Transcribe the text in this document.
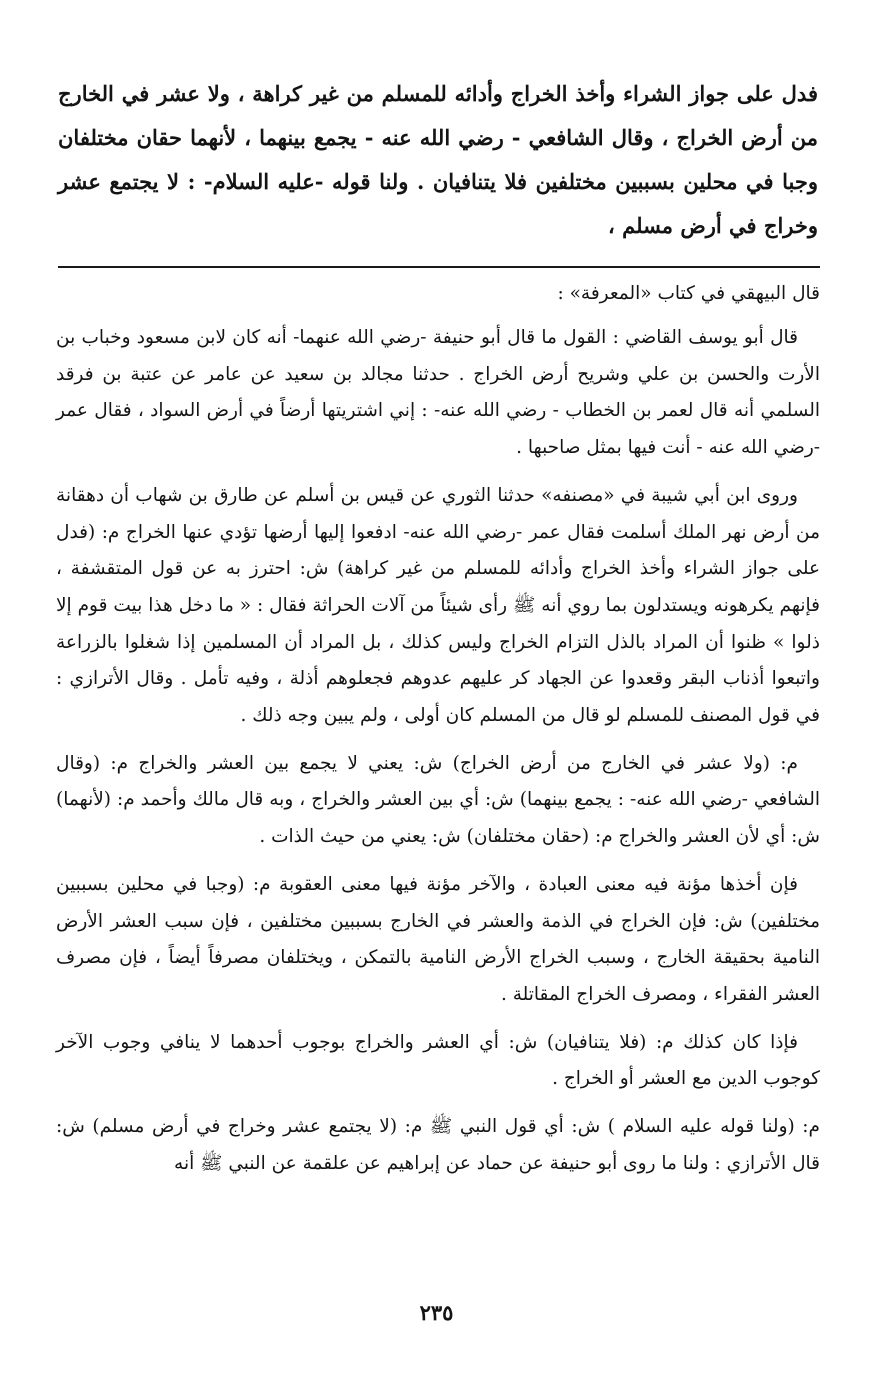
فدل على جواز الشراء وأخذ الخراج وأدائه للمسلم من غير كراهة ، ولا عشر في الخارج من أرض الخراج ، وقال الشافعي - رضي الله عنه - يجمع بينهما ، لأنهما حقان مختلفان وجبا في محلين بسببين مختلفين فلا يتنافيان . ولنا قوله -عليه السلام- : لا يجتمع عشر وخراج في أرض مسلم ،

قال البيهقي في كتاب «المعرفة» :

قال أبو يوسف القاضي : القول ما قال أبو حنيفة -رضي الله عنهما- أنه كان لابن مسعود وخباب بن الأرت والحسن بن علي وشريح أرض الخراج . حدثنا مجالد بن سعيد عن عامر عن عتبة بن فرقد السلمي أنه قال لعمر بن الخطاب - رضي الله عنه- : إني اشتريتها أرضاً في أرض السواد ، فقال عمر -رضي الله عنه - أنت فيها بمثل صاحبها .

وروى ابن أبي شيبة في «مصنفه» حدثنا الثوري عن قيس بن أسلم عن طارق بن شهاب أن دهقانة من أرض نهر الملك أسلمت فقال عمر -رضي الله عنه- ادفعوا إليها أرضها تؤدي عنها الخراج م: (فدل على جواز الشراء وأخذ الخراج وأدائه للمسلم من غير كراهة) ش: احترز به عن قول المتقشفة ، فإنهم يكرهونه ويستدلون بما روي أنه ﷺ رأى شيئاً من آلات الحراثة فقال : « ما دخل هذا بيت قوم إلا ذلوا » ظنوا أن المراد بالذل التزام الخراج وليس كذلك ، بل المراد أن المسلمين إذا شغلوا بالزراعة واتبعوا أذناب البقر وقعدوا عن الجهاد كر عليهم عدوهم فجعلوهم أذلة ، وفيه تأمل . وقال الأترازي : في قول المصنف للمسلم لو قال من المسلم كان أولى ، ولم يبين وجه ذلك .

م: (ولا عشر في الخارج من أرض الخراج) ش: يعني لا يجمع بين العشر والخراج م: (وقال الشافعي -رضي الله عنه- : يجمع بينهما) ش: أي بين العشر والخراج ، وبه قال مالك وأحمد م: (لأنهما) ش: أي لأن العشر والخراج م: (حقان مختلفان) ش: يعني من حيث الذات .

فإن أخذها مؤنة فيه معنى العبادة ، والآخر مؤنة فيها معنى العقوبة م: (وجبا في محلين بسببين مختلفين) ش: فإن الخراج في الذمة والعشر في الخارج بسببين مختلفين ، فإن سبب العشر الأرض النامية بحقيقة الخارج ، وسبب الخراج الأرض النامية بالتمكن ، ويختلفان مصرفاً أيضاً ، فإن مصرف العشر الفقراء ، ومصرف الخراج المقاتلة .

فإذا كان كذلك م: (فلا يتنافيان) ش: أي العشر والخراج بوجوب أحدهما لا ينافي وجوب الآخر كوجوب الدين مع العشر أو الخراج .

م: (ولنا قوله عليه السلام ) ش: أي قول النبي ﷺ م: (لا يجتمع عشر وخراج في أرض مسلم) ش: قال الأترازي : ولنا ما روى أبو حنيفة عن حماد عن إبراهيم عن علقمة عن النبي ﷺ أنه

٢٣٥
